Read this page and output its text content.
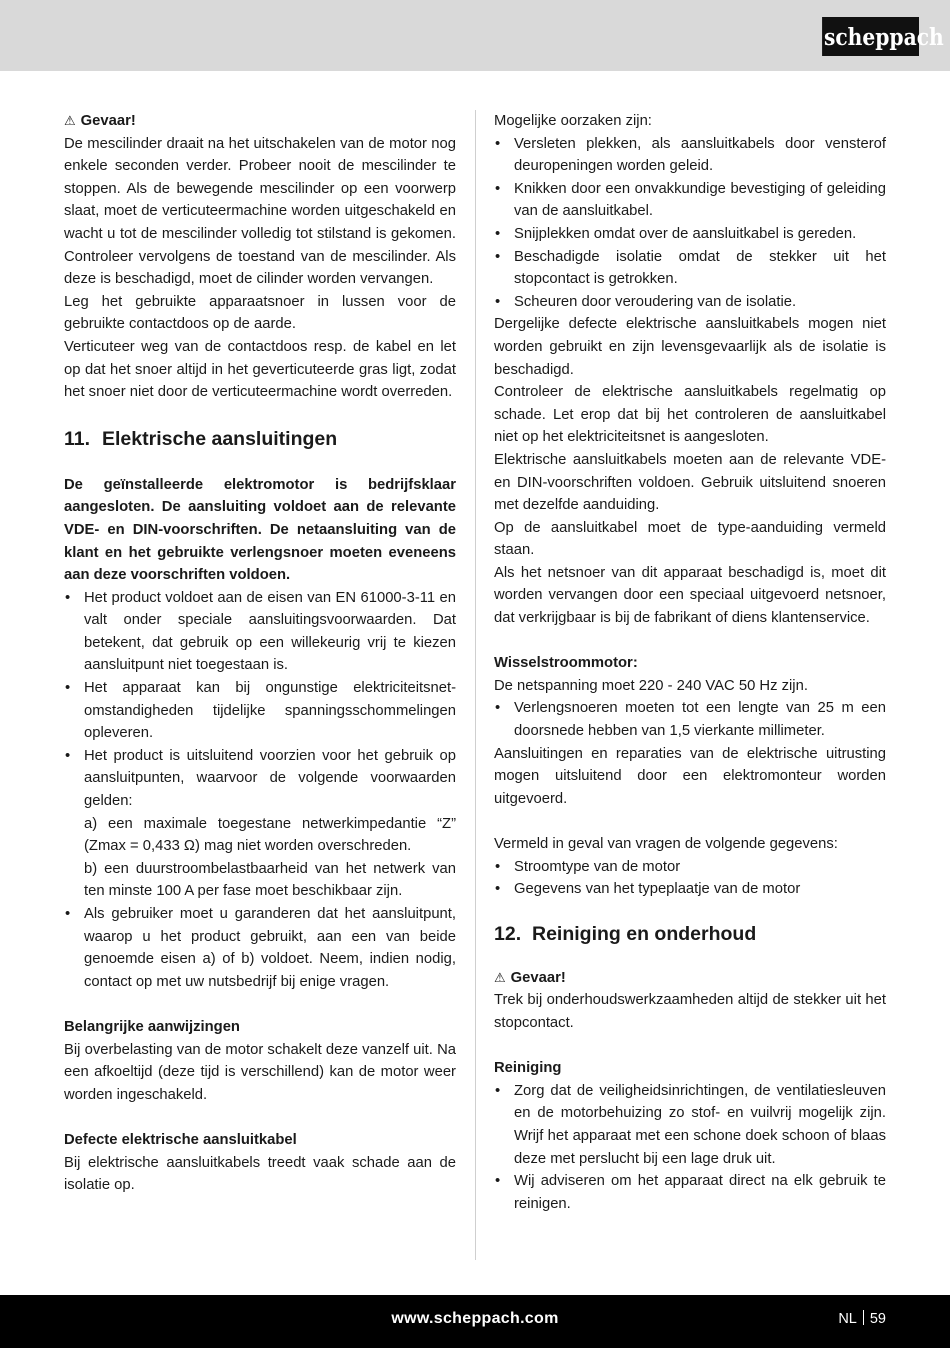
scheppach

⚠ Gevaar!

De mescilinder draait na het uitschakelen van de motor nog enkele seconden verder. Probeer nooit de mescilinder te stoppen. Als de bewegende mescilinder op een voorwerp slaat, moet de verticuteermachine worden uitgeschakeld en wacht u tot de mescilinder volledig tot stilstand is gekomen. Controleer vervolgens de toestand van de mescilinder. Als deze is beschadigd, moet de cilinder worden vervangen.

Leg het gebruikte apparaatsnoer in lussen voor de gebruikte contactdoos op de aarde.

Verticuteer weg van de contactdoos resp. de kabel en let op dat het snoer altijd in het geverticuteerde gras ligt, zodat het snoer niet door de verticuteermachine wordt overreden.

11. Elektrische aansluitingen

De geïnstalleerde elektromotor is bedrijfsklaar aangesloten. De aansluiting voldoet aan de relevante VDE- en DIN-voorschriften. De netaansluiting van de klant en het gebruikte verlengsnoer moeten eveneens aan deze voorschriften voldoen.

• Het product voldoet aan de eisen van EN 61000-3-11 en valt onder speciale aansluitingsvoorwaarden. Dat betekent, dat gebruik op een willekeurig vrij te kiezen aansluitpunt niet toegestaan is.
• Het apparaat kan bij ongunstige elektriciteitsnet-omstandigheden tijdelijke spanningsschommelingen opleveren.
• Het product is uitsluitend voorzien voor het gebruik op aansluitpunten, waarvoor de volgende voorwaarden gelden:
a) een maximale toegestane netwerkimpedantie “Z” (Zmax = 0,433 Ω) mag niet worden overschreden.
b) een duurstroombelastbaarheid van het netwerk van ten minste 100 A per fase moet beschikbaar zijn.
• Als gebruiker moet u garanderen dat het aansluitpunt, waarop u het product gebruikt, aan een van beide genoemde eisen a) of b) voldoet. Neem, indien nodig, contact op met uw nutsbedrijf bij enige vragen.

Belangrijke aanwijzingen

Bij overbelasting van de motor schakelt deze vanzelf uit. Na een afkoeltijd (deze tijd is verschillend) kan de motor weer worden ingeschakeld.

Defecte elektrische aansluitkabel

Bij elektrische aansluitkabels treedt vaak schade aan de isolatie op.

Mogelijke oorzaken zijn:

• Versleten plekken, als aansluitkabels door vensterof deuropeningen worden geleid.
• Knikken door een onvakkundige bevestiging of geleiding van de aansluitkabel.
• Snijplekken omdat over de aansluitkabel is gereden.
• Beschadigde isolatie omdat de stekker uit het stopcontact is getrokken.
• Scheuren door veroudering van de isolatie.

Dergelijke defecte elektrische aansluitkabels mogen niet worden gebruikt en zijn levensgevaarlijk als de isolatie is beschadigd.

Controleer de elektrische aansluitkabels regelmatig op schade. Let erop dat bij het controleren de aansluitkabel niet op het elektriciteitsnet is aangesloten.

Elektrische aansluitkabels moeten aan de relevante VDE- en DIN-voorschriften voldoen. Gebruik uitsluitend snoeren met dezelfde aanduiding.

Op de aansluitkabel moet de type-aanduiding vermeld staan.

Als het netsnoer van dit apparaat beschadigd is, moet dit worden vervangen door een speciaal uitgevoerd netsnoer, dat verkrijgbaar is bij de fabrikant of diens klantenservice.

Wisselstroommotor:

De netspanning moet 220 - 240 VAC 50 Hz zijn.

• Verlengsnoeren moeten tot een lengte van 25 m een doorsnede hebben van 1,5 vierkante millimeter.

Aansluitingen en reparaties van de elektrische uitrusting mogen uitsluitend door een elektromonteur worden uitgevoerd.

Vermeld in geval van vragen de volgende gegevens:

• Stroomtype van de motor
• Gegevens van het typeplaatje van de motor
12. Reiniging en onderhoud

⚠ Gevaar!

Trek bij onderhoudswerkzaamheden altijd de stekker uit het stopcontact.

Reiniging

• Zorg dat de veiligheidsinrichtingen, de ventilatiesleuven en de motorbehuizing zo stof- en vuilvrij mogelijk zijn. Wrijf het apparaat met een schone doek schoon of blaas deze met perslucht bij een lage druk uit.
• Wij adviseren om het apparaat direct na elk gebruik te reinigen.
www.scheppach.com	NL 59
